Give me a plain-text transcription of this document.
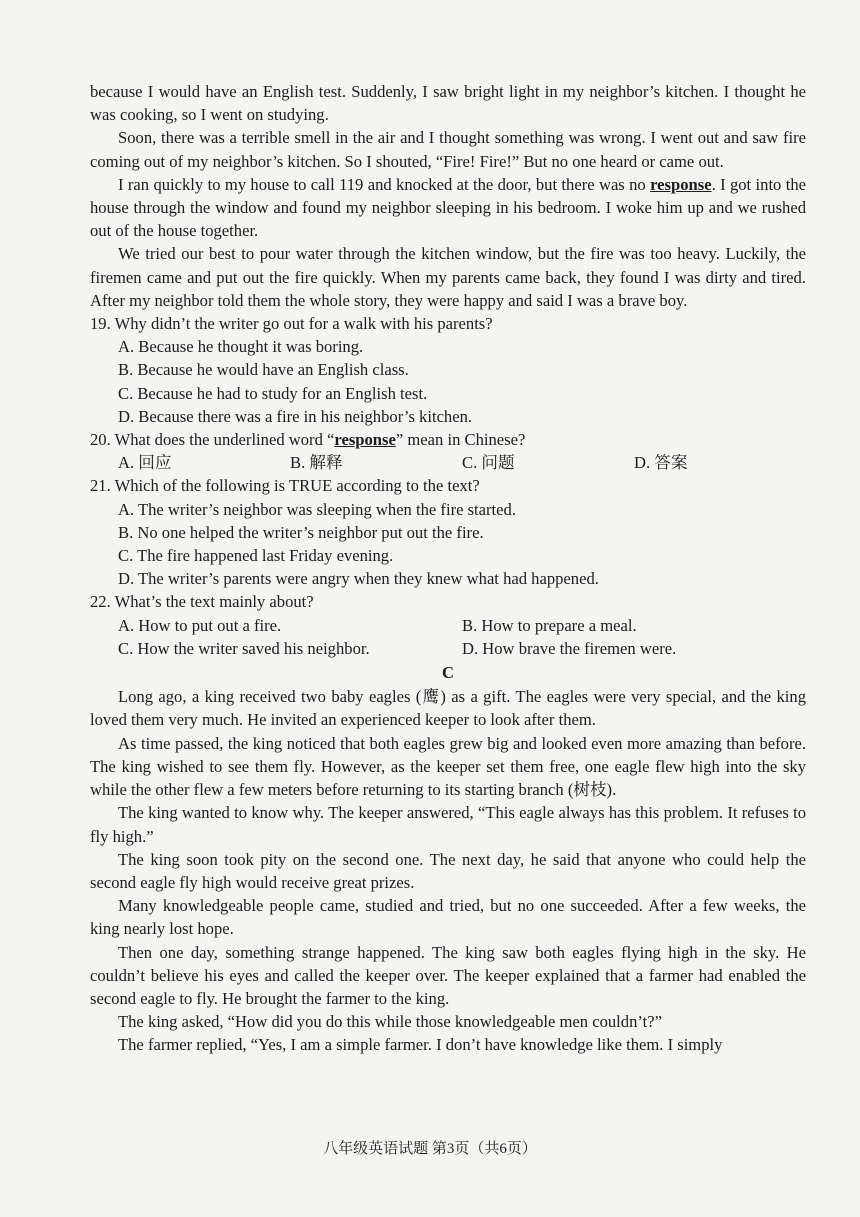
because I would have an English test. Suddenly, I saw bright light in my neighbor’s kitchen. I thought he was cooking, so I went on studying.

Soon, there was a terrible smell in the air and I thought something was wrong. I went out and saw fire coming out of my neighbor’s kitchen. So I shouted, “Fire! Fire!” But no one heard or came out.

I ran quickly to my house to call 119 and knocked at the door, but there was no response. I got into the house through the window and found my neighbor sleeping in his bedroom. I woke him up and we rushed out of the house together.

We tried our best to pour water through the kitchen window, but the fire was too heavy. Luckily, the firemen came and put out the fire quickly. When my parents came back, they found I was dirty and tired. After my neighbor told them the whole story, they were happy and said I was a brave boy.

19. Why didn’t the writer go out for a walk with his parents?

A. Because he thought it was boring.

B. Because he would have an English class.

C. Because he had to study for an English test.

D. Because there was a fire in his neighbor’s kitchen.

20. What does the underlined word “response” mean in Chinese?

A. 回应	B. 解释	C. 问题	D. 答案

21. Which of the following is TRUE according to the text?

A. The writer’s neighbor was sleeping when the fire started.

B. No one helped the writer’s neighbor put out the fire.

C. The fire happened last Friday evening.

D. The writer’s parents were angry when they knew what had happened.

22. What’s the text mainly about?

A. How to put out a fire.	B. How to prepare a meal.
C. How the writer saved his neighbor.	D. How brave the firemen were.
C

Long ago, a king received two baby eagles (鹰) as a gift. The eagles were very special, and the king loved them very much. He invited an experienced keeper to look after them.

As time passed, the king noticed that both eagles grew big and looked even more amazing than before. The king wished to see them fly. However, as the keeper set them free, one eagle flew high into the sky while the other flew a few meters before returning to its starting branch (树枝).

The king wanted to know why. The keeper answered, “This eagle always has this problem. It refuses to fly high.”

The king soon took pity on the second one. The next day, he said that anyone who could help the second eagle fly high would receive great prizes.

Many knowledgeable people came, studied and tried, but no one succeeded. After a few weeks, the king nearly lost hope.

Then one day, something strange happened. The king saw both eagles flying high in the sky. He couldn’t believe his eyes and called the keeper over. The keeper explained that a farmer had enabled the second eagle to fly. He brought the farmer to the king.

The king asked, “How did you do this while those knowledgeable men couldn’t?”

The farmer replied, “Yes, I am a simple farmer. I don’t have knowledge like them. I simply

八年级英语试题 第3页（共6页）
